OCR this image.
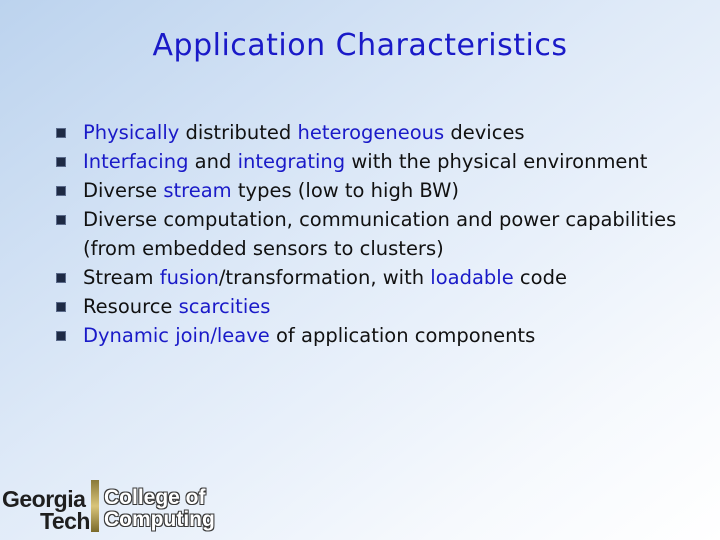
Application Characteristics
Physically distributed heterogeneous devices
Interfacing and integrating with the physical environment
Diverse stream types (low to high BW)
Diverse computation, communication and power capabilities (from embedded sensors to clusters)
Stream fusion/transformation, with loadable code
Resource scarcities
Dynamic join/leave of application components
Georgia
Tech
College of
Computing
